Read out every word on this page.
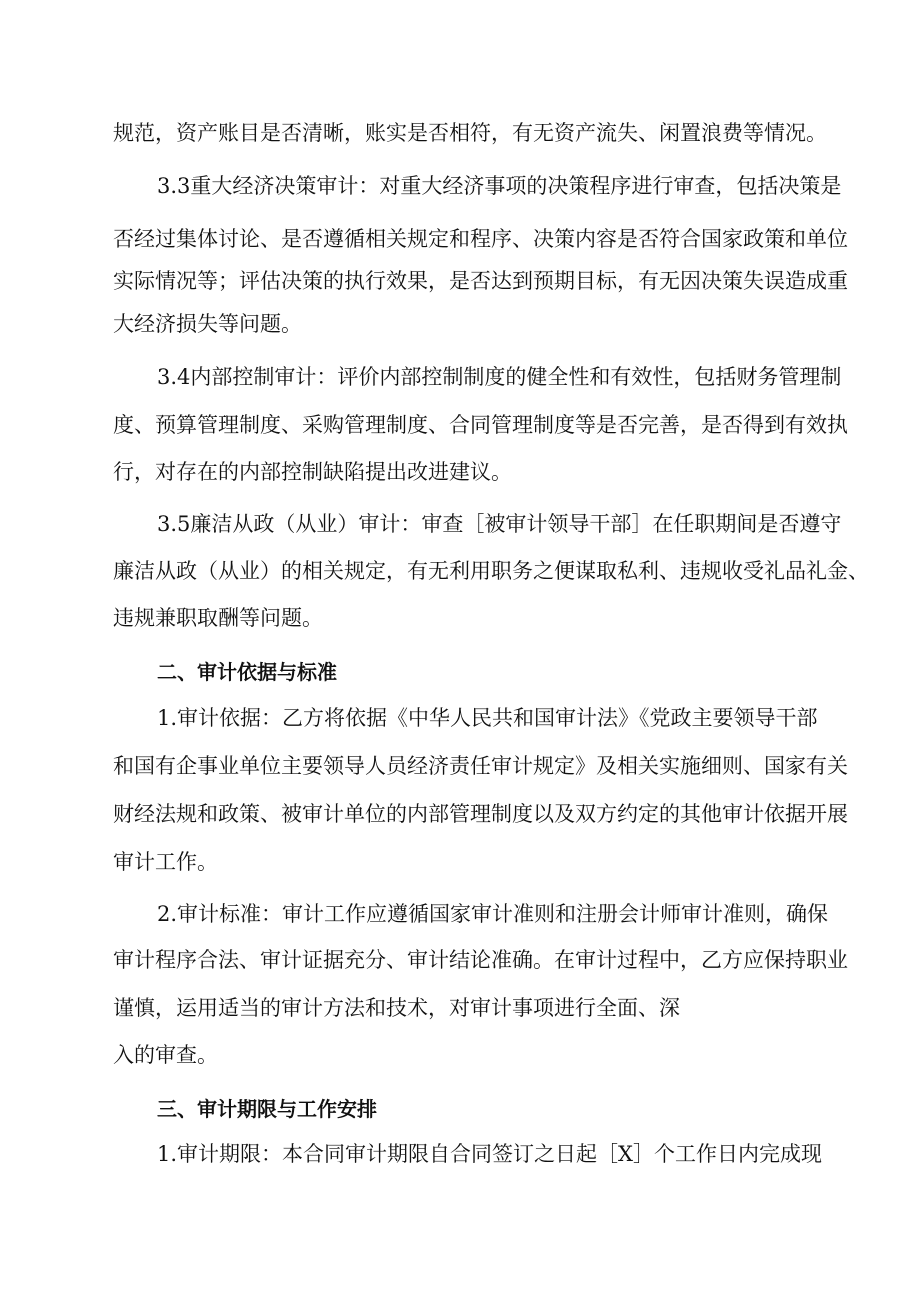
规范，资产账目是否清晰，账实是否相符，有无资产流失、闲置浪费等情况。
3.3重大经济决策审计：对重大经济事项的决策程序进行审查，包括决策是
否经过集体讨论、是否遵循相关规定和程序、决策内容是否符合国家政策和单位
实际情况等；评估决策的执行效果，是否达到预期目标，有无因决策失误造成重
大经济损失等问题。
3.4内部控制审计：评价内部控制制度的健全性和有效性，包括财务管理制
度、预算管理制度、采购管理制度、合同管理制度等是否完善，是否得到有效执
行，对存在的内部控制缺陷提出改进建议。
3.5廉洁从政（从业）审计：审查［被审计领导干部］在任职期间是否遵守
廉洁从政（从业）的相关规定，有无利用职务之便谋取私利、违规收受礼品礼金、
违规兼职取酬等问题。
二、审计依据与标准
1.审计依据：乙方将依据《中华人民共和国审计法》《党政主要领导干部
和国有企事业单位主要领导人员经济责任审计规定》及相关实施细则、国家有关
财经法规和政策、被审计单位的内部管理制度以及双方约定的其他审计依据开展
审计工作。
2.审计标准：审计工作应遵循国家审计准则和注册会计师审计准则，确保
审计程序合法、审计证据充分、审计结论准确。在审计过程中，乙方应保持职业
谨慎，运用适当的审计方法和技术，对审计事项进行全面、深
入的审查。
三、审计期限与工作安排
1.审计期限：本合同审计期限自合同签订之日起［X］个工作日内完成现
